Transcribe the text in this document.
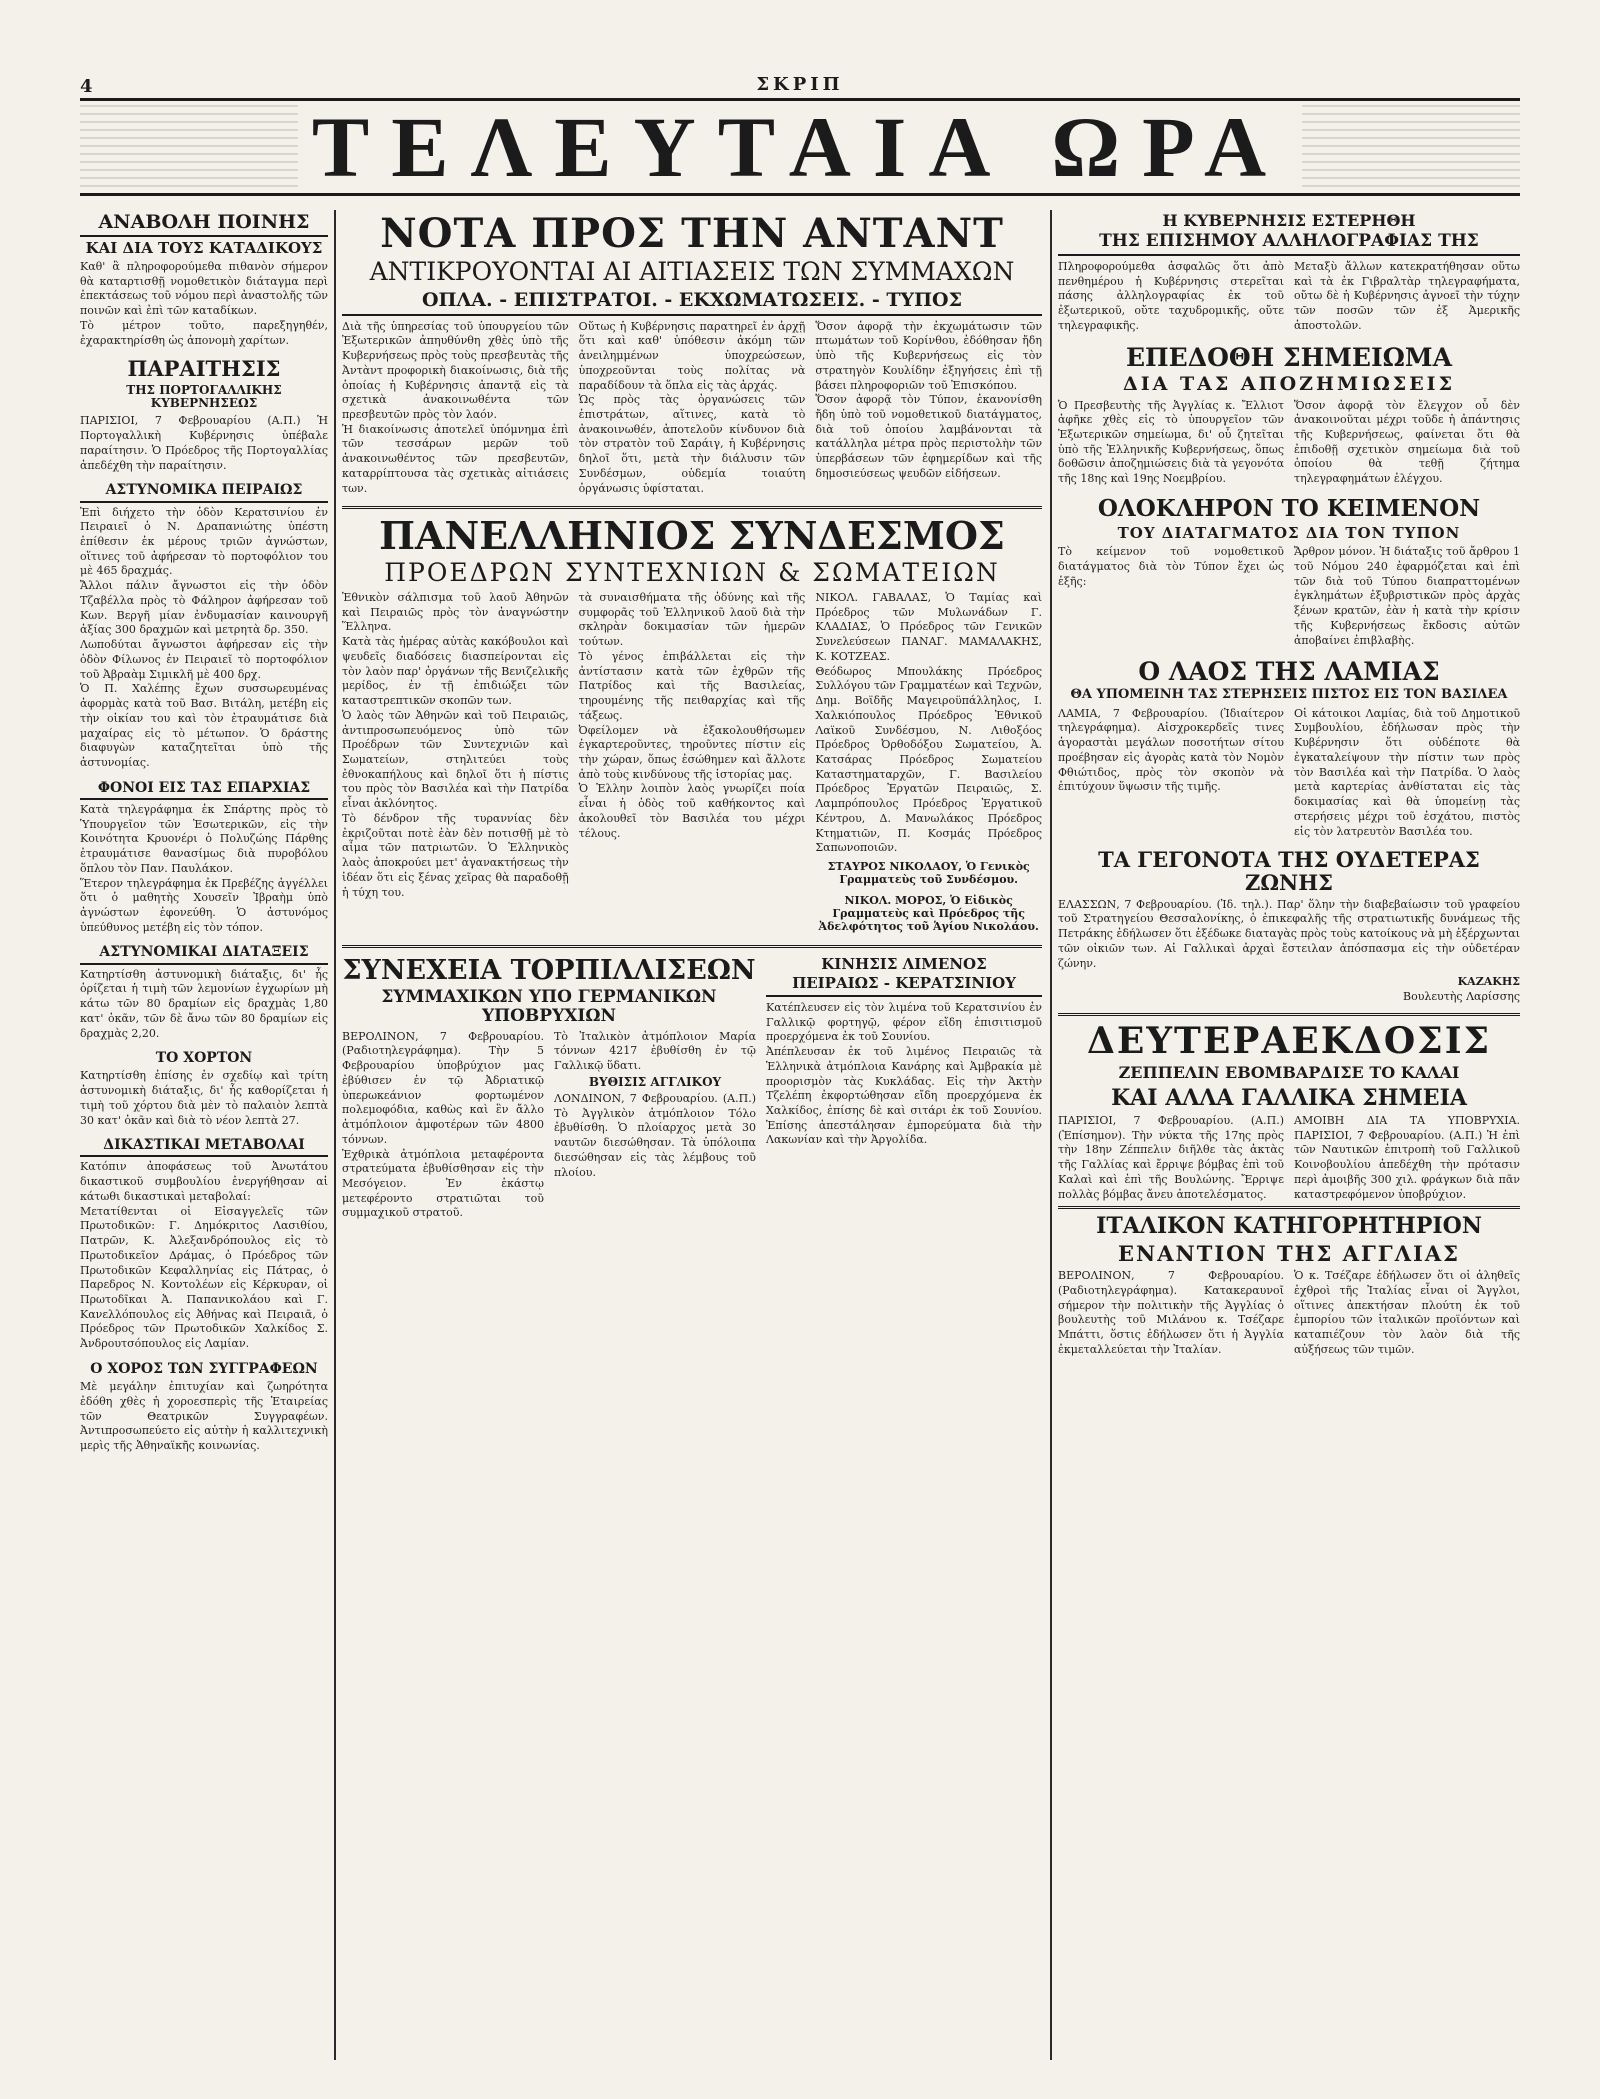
4	ΣΚΡΙΠ
ΤΕΛΕΥΤΑΙΑ ΩΡΑ
ΑΝΑΒΟΛΗ ΠΟΙΝΗΣ
ΚΑΙ ΔΙΑ ΤΟΥΣ ΚΑΤΑΔΙΚΟΥΣ

Καθ' ἃ πληροφορούμεθα πιθανὸν σήμερον θὰ καταρτισθῇ νομοθετικὸν διάταγμα περὶ ἐπεκτάσεως τοῦ νόμου περὶ ἀναστολῆς τῶν ποινῶν καὶ ἐπὶ τῶν καταδίκων.

Τὸ μέτρον τοῦτο, παρεξηγηθέν, ἐχαρακτηρίσθη ὡς ἀπονομὴ χαρίτων.

ΠΑΡΑΙΤΗΣΙΣ
ΤΗΣ ΠΟΡΤΟΓΑΛΛΙΚΗΣ ΚΥΒΕΡΝΗΣΕΩΣ

ΠΑΡΙΣΙΟΙ, 7 Φεβρουαρίου (Α.Π.) Ἡ Πορτογαλλικὴ Κυβέρνησις ὑπέβαλε παραίτησιν. Ὁ Πρόεδρος τῆς Πορτογαλλίας ἀπεδέχθη τὴν παραίτησιν.

ΑΣΤΥΝΟΜΙΚΑ ΠΕΙΡΑΙΩΣ

Ἐπὶ διήχετο τὴν ὁδὸν Κερατσινίου ἐν Πειραιεῖ ὁ Ν. Δραπανιώτης ὑπέστη ἐπίθεσιν ἐκ μέρους τριῶν ἀγνώστων, οἵτινες τοῦ ἀφήρεσαν τὸ πορτοφόλιον του μὲ 465 δραχμάς.

Ἄλλοι πάλιν ἄγνωστοι εἰς τὴν ὁδὸν Τζαβέλλα πρὸς τὸ Φάληρον ἀφήρεσαν τοῦ Κων. Βεργῆ μίαν ἐνδυμασίαν καινουργῆ ἀξίας 300 δραχμῶν καὶ μετρητὰ δρ. 350.

Λωποδύται ἄγνωστοι ἀφήρεσαν εἰς τὴν ὁδὸν Φίλωνος ἐν Πειραιεῖ τὸ πορτοφόλιον τοῦ Ἀβραὰμ Σιμικλῆ μὲ 400 δρχ.

Ὁ Π. Χαλέπης ἔχων συσσωρευμένας ἀφορμὰς κατὰ τοῦ Βασ. Βιτάλη, μετέβη εἰς τὴν οἰκίαν του καὶ τὸν ἐτραυμάτισε διὰ μαχαίρας εἰς τὸ μέτωπον. Ὁ δράστης διαφυγὼν καταζητεῖται ὑπὸ τῆς ἀστυνομίας.

ΦΟΝΟΙ ΕΙΣ ΤΑΣ ΕΠΑΡΧΙΑΣ

Κατὰ τηλεγράφημα ἐκ Σπάρτης πρὸς τὸ Ὑπουργεῖον τῶν Ἐσωτερικῶν, εἰς τὴν Κοινότητα Κρυονέρι ὁ Πολυζώης Πάρθης ἐτραυμάτισε θανασίμως διὰ πυροβόλου ὅπλου τὸν Παν. Παυλάκον.

Ἕτερον τηλεγράφημα ἐκ Πρεβέζης ἀγγέλλει ὅτι ὁ μαθητὴς Χουσεῖν Ἰβραὴμ ὑπὸ ἀγνώστων ἐφονεύθη. Ὁ ἀστυνόμος ὑπεύθυνος μετέβη εἰς τὸν τόπον.

ΑΣΤΥΝΟΜΙΚΑΙ ΔΙΑΤΑΞΕΙΣ

Κατηρτίσθη ἀστυνομικὴ διάταξις, δι' ἧς ὁρίζεται ἡ τιμὴ τῶν λεμονίων ἐγχωρίων μὴ κάτω τῶν 80 δραμίων εἰς δραχμὰς 1,80 κατ' ὀκᾶν, τῶν δὲ ἄνω τῶν 80 δραμίων εἰς δραχμὰς 2,20.

ΤΟ ΧΟΡΤΟΝ

Κατηρτίσθη ἐπίσης ἐν σχεδίῳ καὶ τρίτη ἀστυνομικὴ διάταξις, δι' ἧς καθορίζεται ἡ τιμὴ τοῦ χόρτου διὰ μὲν τὸ παλαιὸν λεπτὰ 30 κατ' ὀκᾶν καὶ διὰ τὸ νέον λεπτὰ 27.

ΔΙΚΑΣΤΙΚΑΙ ΜΕΤΑΒΟΛΑΙ

Κατόπιν ἀποφάσεως τοῦ Ἀνωτάτου δικαστικοῦ συμβουλίου ἐνεργήθησαν αἱ κάτωθι δικαστικαὶ μεταβολαί:

Μετατίθενται οἱ Εἰσαγγελεῖς τῶν Πρωτοδικῶν: Γ. Δημόκριτος Λασιθίου, Πατρῶν, Κ. Ἀλεξανδρόπουλος εἰς τὸ Πρωτοδικεῖον Δράμας, ὁ Πρόεδρος τῶν Πρωτοδικῶν Κεφαλληνίας εἰς Πάτρας, ὁ Παρεδρος Ν. Κοντολέων εἰς Κέρκυραν, οἱ Πρωτοδῖκαι Ἀ. Παπανικολάου καὶ Γ. Κανελλόπουλος εἰς Ἀθήνας καὶ Πειραιᾶ, ὁ Πρόεδρος τῶν Πρωτοδικῶν Χαλκίδος Σ. Ἀνδρουτσόπουλος εἰς Λαμίαν.

Ο ΧΟΡΟΣ ΤΩΝ ΣΥΓΓΡΑΦΕΩΝ

Μὲ μεγάλην ἐπιτυχίαν καὶ ζωηρότητα ἐδόθη χθὲς ἡ χοροεσπερὶς τῆς Ἑταιρείας τῶν Θεατρικῶν Συγγραφέων. Ἀντιπροσωπεύετο εἰς αὐτὴν ἡ καλλιτεχνικὴ μερὶς τῆς Ἀθηναϊκῆς κοινωνίας.

ΝΟΤΑ ΠΡΟΣ ΤΗΝ ΑΝΤΑΝΤ
ΑΝΤΙΚΡΟΥΟΝΤΑΙ ΑΙ ΑΙΤΙΑΣΕΙΣ ΤΩΝ ΣΥΜΜΑΧΩΝ
ΟΠΛΑ. - ΕΠΙΣΤΡΑΤΟΙ. - ΕΚΧΩΜΑΤΩΣΕΙΣ. - ΤΥΠΟΣ

Διὰ τῆς ὑπηρεσίας τοῦ ὑπουργείου τῶν Ἐξωτερικῶν ἀπηυθύνθη χθὲς ὑπὸ τῆς Κυβερνήσεως πρὸς τοὺς πρεσβευτὰς τῆς Ἀντὰντ προφορικὴ διακοίνωσις, διὰ τῆς ὁποίας ἡ Κυβέρνησις ἀπαντᾷ εἰς τὰ σχετικὰ ἀνακοινωθέντα τῶν πρεσβευτῶν πρὸς τὸν λαόν.

Ἡ διακοίνωσις ἀποτελεῖ ὑπόμνημα ἐπὶ τῶν τεσσάρων μερῶν τοῦ ἀνακοινωθέντος τῶν πρεσβευτῶν, καταρρίπτουσα τὰς σχετικὰς αἰτιάσεις των.

Οὕτως ἡ Κυβέρνησις παρατηρεῖ ἐν ἀρχῇ ὅτι καὶ καθ' ὑπόθεσιν ἀκόμη τῶν ἀνειλημμένων ὑποχρεώσεων, ὑποχρεοῦνται τοὺς πολίτας νὰ παραδίδουν τὰ ὅπλα εἰς τὰς ἀρχάς.

Ὡς πρὸς τὰς ὀργανώσεις τῶν ἐπιστράτων, αἵτινες, κατὰ τὸ ἀνακοινωθέν, ἀποτελοῦν κίνδυνον διὰ τὸν στρατὸν τοῦ Σαράιγ, ἡ Κυβέρνησις δηλοῖ ὅτι, μετὰ τὴν διάλυσιν τῶν Συνδέσμων, οὐδεμία τοιαύτη ὀργάνωσις ὑφίσταται.

Ὅσον ἀφορᾷ τὴν ἐκχωμάτωσιν τῶν πτωμάτων τοῦ Κορίνθου, ἐδόθησαν ἤδη ὑπὸ τῆς Κυβερνήσεως εἰς τὸν στρατηγὸν Κουλίδην ἐξηγήσεις ἐπὶ τῇ βάσει πληροφοριῶν τοῦ Ἐπισκόπου.

Ὅσον ἀφορᾷ τὸν Τύπον, ἐκανονίσθη ἤδη ὑπὸ τοῦ νομοθετικοῦ διατάγματος, διὰ τοῦ ὁποίου λαμβάνονται τὰ κατάλληλα μέτρα πρὸς περιστολὴν τῶν ὑπερβάσεων τῶν ἐφημερίδων καὶ τῆς δημοσιεύσεως ψευδῶν εἰδήσεων.

ΠΑΝΕΛΛΗΝΙΟΣ ΣΥΝΔΕΣΜΟΣ
ΠΡΟΕΔΡΩΝ ΣΥΝΤΕΧΝΙΩΝ & ΣΩΜΑΤΕΙΩΝ

Ἐθνικὸν σάλπισμα τοῦ λαοῦ Ἀθηνῶν καὶ Πειραιῶς πρὸς τὸν ἀναγνώστην Ἕλληνα.

Κατὰ τὰς ἡμέρας αὐτὰς κακόβουλοι καὶ ψευδεῖς διαδόσεις διασπείρονται εἰς τὸν λαὸν παρ' ὀργάνων τῆς Βενιζελικῆς μερίδος, ἐν τῇ ἐπιδιώξει τῶν καταστρεπτικῶν σκοπῶν των.

Ὁ λαὸς τῶν Ἀθηνῶν καὶ τοῦ Πειραιῶς, ἀντιπροσωπευόμενος ὑπὸ τῶν Προέδρων τῶν Συντεχνιῶν καὶ Σωματείων, στηλιτεύει τοὺς ἐθνοκαπήλους καὶ δηλοῖ ὅτι ἡ πίστις του πρὸς τὸν Βασιλέα καὶ τὴν Πατρίδα εἶναι ἀκλόνητος.

Τὸ δένδρον τῆς τυραννίας δὲν ἐκριζοῦται ποτὲ ἐὰν δὲν ποτισθῇ μὲ τὸ αἷμα τῶν πατριωτῶν. Ὁ Ἑλληνικὸς λαὸς ἀποκρούει μετ' ἀγανακτήσεως τὴν ἰδέαν ὅτι εἰς ξένας χεῖρας θὰ παραδοθῇ ἡ τύχη του.

τὰ συναισθήματα τῆς ὀδύνης καὶ τῆς συμφορᾶς τοῦ Ἑλληνικοῦ λαοῦ διὰ τὴν σκληρὰν δοκιμασίαν τῶν ἡμερῶν τούτων.

Τὸ γένος ἐπιβάλλεται εἰς τὴν ἀντίστασιν κατὰ τῶν ἐχθρῶν τῆς Πατρίδος καὶ τῆς Βασιλείας, τηρουμένης τῆς πειθαρχίας καὶ τῆς τάξεως.

Ὀφείλομεν νὰ ἐξακολουθήσωμεν ἐγκαρτεροῦντες, τηροῦντες πίστιν εἰς τὴν χώραν, ὅπως ἐσώθημεν καὶ ἄλλοτε ἀπὸ τοὺς κινδύνους τῆς ἱστορίας μας.

Ὁ Ἑλλην λοιπὸν λαὸς γνωρίζει ποία εἶναι ἡ ὁδὸς τοῦ καθήκοντος καὶ ἀκολουθεῖ τὸν Βασιλέα του μέχρι τέλους.

ΝΙΚΟΛ. ΓΑΒΑΛΑΣ, Ὁ Ταμίας καὶ Πρόεδρος τῶν Μυλωνάδων Γ. ΚΛΑΔΙΑΣ, Ὁ Πρόεδρος τῶν Γενικῶν Συνελεύσεων ΠΑΝΑΓ. ΜΑΜΑΛΑΚΗΣ, Κ. ΚΟΤΖΕΑΣ.

Θεόδωρος Μπουλάκης Πρόεδρος Συλλόγου τῶν Γραμματέων καὶ Τεχνῶν, Δημ. Βοϊδῆς Μαγειροϋπάλληλος, Ι. Χαλκιόπουλος Πρόεδρος Ἐθνικοῦ Λαϊκοῦ Συνδέσμου, Ν. Λιθοξόος Πρόεδρος Ὀρθοδόξου Σωματείου, Ἀ. Κατσάρας Πρόεδρος Σωματείου Καταστηματαρχῶν, Γ. Βασιλείου Πρόεδρος Ἐργατῶν Πειραιῶς, Σ. Λαμπρόπουλος Πρόεδρος Ἐργατικοῦ Κέντρου, Δ. Μανωλάκος Πρόεδρος Κτηματιῶν, Π. Κοσμάς Πρόεδρος Σαπωνοποιῶν.

ΣΤΑΥΡΟΣ ΝΙΚΟΛΑΟΥ, Ὁ Γενικὸς Γραμματεὺς τοῦ Συνδέσμου.
ΝΙΚΟΛ. ΜΟΡΟΣ, Ὁ Εἰδικὸς Γραμματεὺς καὶ Πρόεδρος τῆς Ἀδελφότητος τοῦ Ἁγίου Νικολάου.
ΣΥΝΕΧΕΙΑ ΤΟΡΠΙΛΛΙΣΕΩΝ
ΣΥΜΜΑΧΙΚΩΝ ΥΠΟ ΓΕΡΜΑΝΙΚΩΝ ΥΠΟΒΡΥΧΙΩΝ

ΒΕΡΟΛΙΝΟΝ, 7 Φεβρουαρίου. (Ραδιοτηλεγράφημα). Τὴν 5 Φεβρουαρίου ὑποβρύχιον μας ἐβύθισεν ἐν τῷ Ἀδριατικῷ ὑπερωκεάνιον φορτωμένον πολεμοφόδια, καθὼς καὶ ἓν ἄλλο ἀτμόπλοιον ἀμφοτέρων τῶν 4800 τόννων.

Ἐχθρικὰ ἀτμόπλοια μεταφέροντα στρατεύματα ἐβυθίσθησαν εἰς τὴν Μεσόγειον. Ἐν ἑκάστῳ μετεφέροντο στρατιῶται τοῦ συμμαχικοῦ στρατοῦ.

Τὸ Ἰταλικὸν ἀτμόπλοιον Μαρία τόννων 4217 ἐβυθίσθη ἐν τῷ Γαλλικῷ ὕδατι.

ΒΥΘΙΣΙΣ ΑΓΓΛΙΚΟΥ

ΛΟΝΔΙΝΟΝ, 7 Φεβρουαρίου. (Α.Π.) Τὸ Ἀγγλικὸν ἀτμόπλοιον Τόλο ἐβυθίσθη. Ὁ πλοίαρχος μετὰ 30 ναυτῶν διεσώθησαν. Τὰ ὑπόλοιπα διεσώθησαν εἰς τὰς λέμβους τοῦ πλοίου.

ΚΙΝΗΣΙΣ ΛΙΜΕΝΟΣ
ΠΕΙΡΑΙΩΣ - ΚΕΡΑΤΣΙΝΙΟΥ

Κατέπλευσεν εἰς τὸν λιμένα τοῦ Κερατσινίου ἐν Γαλλικῷ φορτηγῷ, φέρον εἴδη ἐπισιτισμοῦ προερχόμενα ἐκ τοῦ Σουνίου.

Ἀπέπλευσαν ἐκ τοῦ λιμένος Πειραιῶς τὰ Ἑλληνικὰ ἀτμόπλοια Κανάρης καὶ Ἀμβρακία μὲ προορισμὸν τὰς Κυκλάδας. Εἰς τὴν Ἀκτὴν Τζελέπη ἐκφορτώθησαν εἴδη προερχόμενα ἐκ Χαλκίδος, ἐπίσης δὲ καὶ σιτάρι ἐκ τοῦ Σουνίου. Ἐπίσης ἀπεστάλησαν ἐμπορεύματα διὰ τὴν Λακωνίαν καὶ τὴν Ἀργολίδα.

Η ΚΥΒΕΡΝΗΣΙΣ ΕΣΤΕΡΗΘΗ
ΤΗΣ ΕΠΙΣΗΜΟΥ ΑΛΛΗΛΟΓΡΑΦΙΑΣ ΤΗΣ

Πληροφορούμεθα ἀσφαλῶς ὅτι ἀπὸ πενθημέρου ἡ Κυβέρνησις στερεῖται πάσης ἀλληλογραφίας ἐκ τοῦ ἐξωτερικοῦ, οὔτε ταχυδρομικῆς, οὔτε τηλεγραφικῆς.

Μεταξὺ ἄλλων κατεκρατήθησαν οὕτω καὶ τὰ ἐκ Γιβραλτὰρ τηλεγραφήματα, οὔτω δὲ ἡ Κυβέρνησις ἀγνοεῖ τὴν τύχην τῶν ποσῶν τῶν ἐξ Ἀμερικῆς ἀποστολῶν.

ΕΠΕΔΟΘΗ ΣΗΜΕΙΩΜΑ
ΔΙΑ ΤΑΣ ΑΠΟΖΗΜΙΩΣΕΙΣ

Ὁ Πρεσβευτὴς τῆς Ἀγγλίας κ. Ἔλλιοτ ἀφῆκε χθὲς εἰς τὸ ὑπουργεῖον τῶν Ἐξωτερικῶν σημείωμα, δι' οὗ ζητεῖται ὑπὸ τῆς Ἑλληνικῆς Κυβερνήσεως, ὅπως δοθῶσιν ἀποζημιώσεις διὰ τὰ γεγονότα τῆς 18ης καὶ 19ης Νοεμβρίου.

Ὅσον ἀφορᾷ τὸν ἔλεγχον οὗ δὲν ἀνακοινοῦται μέχρι τοῦδε ἡ ἀπάντησις τῆς Κυβερνήσεως, φαίνεται ὅτι θὰ ἐπιδοθῇ σχετικὸν σημείωμα διὰ τοῦ ὁποίου θὰ τεθῇ ζήτημα τηλεγραφημάτων ἐλέγχου.

ΟΛΟΚΛΗΡΟΝ ΤΟ ΚΕΙΜΕΝΟΝ
ΤΟΥ ΔΙΑΤΑΓΜΑΤΟΣ ΔΙΑ ΤΟΝ ΤΥΠΟΝ

Τὸ κείμενον τοῦ νομοθετικοῦ διατάγματος διὰ τὸν Τύπον ἔχει ὡς ἑξῆς:

Ἄρθρον μόνον. Ἡ διάταξις τοῦ ἄρθρου 1 τοῦ Νόμου 240 ἐφαρμόζεται καὶ ἐπὶ τῶν διὰ τοῦ Τύπου διαπραττομένων ἐγκλημάτων ἐξυβριστικῶν πρὸς ἀρχὰς ξένων κρατῶν, ἐὰν ἡ κατὰ τὴν κρίσιν τῆς Κυβερνήσεως ἔκδοσις αὐτῶν ἀποβαίνει ἐπιβλαβὴς.

Ο ΛΑΟΣ ΤΗΣ ΛΑΜΙΑΣ
ΘΑ ΥΠΟΜΕΙΝΗ ΤΑΣ ΣΤΕΡΗΣΕΙΣ ΠΙΣΤΟΣ ΕΙΣ ΤΟΝ ΒΑΣΙΛΕΑ

ΛΑΜΙΑ, 7 Φεβρουαρίου. (Ἰδιαίτερον τηλεγράφημα). Αἰσχροκερδεῖς τινες ἀγοραστὰι μεγάλων ποσοτήτων σίτου προέβησαν εἰς ἀγορὰς κατὰ τὸν Νομὸν Φθιώτιδος, πρὸς τὸν σκοπὸν νὰ ἐπιτύχουν ὕψωσιν τῆς τιμῆς.

Οἱ κάτοικοι Λαμίας, διὰ τοῦ Δημοτικοῦ Συμβουλίου, ἐδήλωσαν πρὸς τὴν Κυβέρνησιν ὅτι οὐδέποτε θὰ ἐγκαταλείψουν τὴν πίστιν των πρὸς τὸν Βασιλέα καὶ τὴν Πατρίδα. Ὁ λαὸς μετὰ καρτερίας ἀνθίσταται εἰς τὰς δοκιμασίας καὶ θὰ ὑπομείνῃ τὰς στερήσεις μέχρι τοῦ ἐσχάτου, πιστὸς εἰς τὸν λατρευτὸν Βασιλέα του.

ΤΑ ΓΕΓΟΝΟΤΑ ΤΗΣ ΟΥΔΕΤΕΡΑΣ ΖΩΝΗΣ

ΕΛΑΣΣΩΝ, 7 Φεβρουαρίου. (Ἰδ. τηλ.). Παρ' ὅλην τὴν διαβεβαίωσιν τοῦ γραφείου τοῦ Στρατηγείου Θεσσαλονίκης, ὁ ἐπικεφαλῆς τῆς στρατιωτικῆς δυνάμεως τῆς Πετράκης ἐδήλωσεν ὅτι ἐξέδωκε διαταγὰς πρὸς τοὺς κατοίκους νὰ μὴ ἐξέρχωνται τῶν οἰκιῶν των. Αἱ Γαλλικαὶ ἀρχαὶ ἔστειλαν ἀπόσπασμα εἰς τὴν οὐδετέραν ζώνην.

ΚΑΖΑΚΗΣ
Βουλευτὴς Λαρίσσης
ΔΕΥΤΕΡΑΕΚΔΟΣΙΣ
ΖΕΠΠΕΛΙΝ ΕΒΟΜΒΑΡΔΙΣΕ ΤΟ ΚΑΛΑΙ
ΚΑΙ ΑΛΛΑ ΓΑΛΛΙΚΑ ΣΗΜΕΙΑ

ΠΑΡΙΣΙΟΙ, 7 Φεβρουαρίου. (Α.Π.) (Ἐπίσημον). Τὴν νύκτα τῆς 17ης πρὸς τὴν 18ην Ζέππελιν διῆλθε τὰς ἀκτὰς τῆς Γαλλίας καὶ ἔρριψε βόμβας ἐπὶ τοῦ Καλαὶ καὶ ἐπὶ τῆς Βουλώνης. Ἔρριψε πολλὰς βόμβας ἄνευ ἀποτελέσματος.

ΑΜΟΙΒΗ ΔΙΑ ΤΑ ΥΠΟΒΡΥΧΙΑ. ΠΑΡΙΣΙΟΙ, 7 Φεβρουαρίου. (Α.Π.) Ἡ ἐπὶ τῶν Ναυτικῶν ἐπιτροπὴ τοῦ Γαλλικοῦ Κοινοβουλίου ἀπεδέχθη τὴν πρότασιν περὶ ἀμοιβῆς 300 χιλ. φράγκων διὰ πᾶν καταστρεφόμενον ὑποβρύχιον.

ΙΤΑΛΙΚΟΝ ΚΑΤΗΓΟΡΗΤΗΡΙΟΝ
ΕΝΑΝΤΙΟΝ ΤΗΣ ΑΓΓΛΙΑΣ

ΒΕΡΟΛΙΝΟΝ, 7 Φεβρουαρίου. (Ραδιοτηλεγράφημα). Κατακεραυνοῖ σήμερον τὴν πολιτικὴν τῆς Ἀγγλίας ὁ βουλευτὴς τοῦ Μιλάνου κ. Τσέζαρε Μπάττι, ὅστις ἐδήλωσεν ὅτι ἡ Ἀγγλία ἐκμεταλλεύεται τὴν Ἰταλίαν.

Ὁ κ. Τσέζαρε ἐδήλωσεν ὅτι οἱ ἀληθεῖς ἐχθροὶ τῆς Ἰταλίας εἶναι οἱ Ἄγγλοι, οἵτινες ἀπεκτήσαν πλούτη ἐκ τοῦ ἐμπορίου τῶν ἰταλικῶν προϊόντων καὶ καταπιέζουν τὸν λαὸν διὰ τῆς αὐξήσεως τῶν τιμῶν.
